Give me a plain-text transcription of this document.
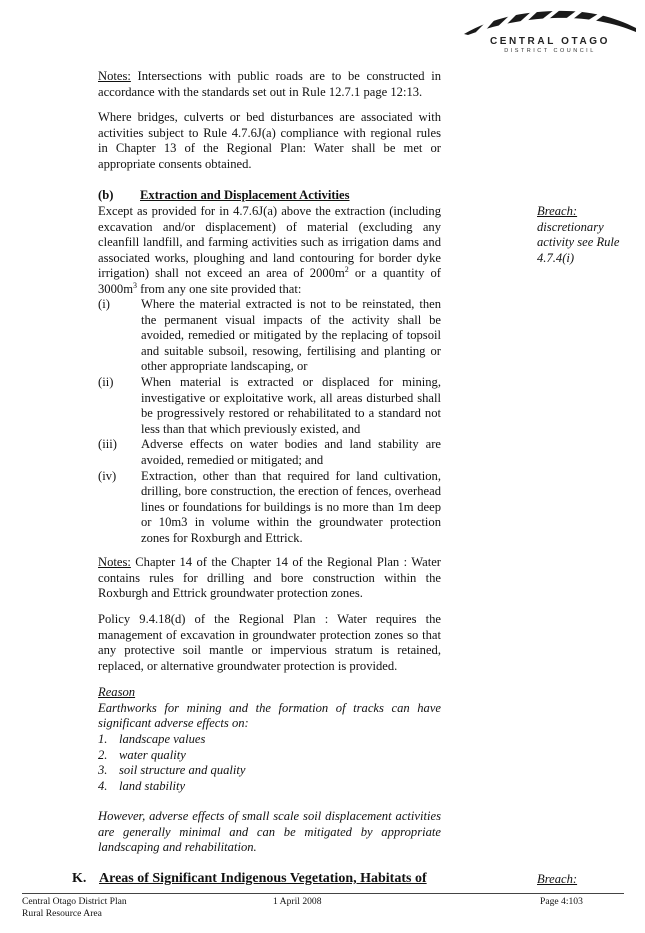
CENTRAL OTAGO
DISTRICT COUNCIL

Notes: Intersections with public roads are to be constructed in accordance with the standards set out in Rule 12.7.1 page 12:13.

Where bridges, culverts or bed disturbances are associated with activities subject to Rule 4.7.6J(a) compliance with regional rules in Chapter 13 of the Regional Plan: Water shall be met or appropriate consents obtained.

(b) Extraction and Displacement Activities

Except as provided for in 4.7.6J(a) above the extraction (including excavation and/or displacement) of material (excluding any cleanfill landfill, and farming activities such as irrigation dams and associated works, ploughing and land contouring for border dyke irrigation) shall not exceed an area of $2000m^2$ or a quantity of $3000m^3$ from any one site provided that:

(i) Where the material extracted is not to be reinstated, then the permanent visual impacts of the activity shall be avoided, remedied or mitigated by the replacing of topsoil and suitable subsoil, resowing, fertilising and planting or other appropriate landscaping, or
(ii) When material is extracted or displaced for mining, investigative or exploitative work, all areas disturbed shall be progressively restored or rehabilitated to a standard not less than that which previously existed, and
(iii) Adverse effects on water bodies and land stability are avoided, remedied or mitigated; and
(iv) Extraction, other than that required for land cultivation, drilling, bore construction, the erection of fences, overhead lines or foundations for buildings is no more than 1m deep or 10m3 in volume within the groundwater protection zones for Roxburgh and Ettrick.

Notes: Chapter 14 of the Chapter 14 of the Regional Plan : Water contains rules for drilling and bore construction within the Roxburgh and Ettrick groundwater protection zones.

Policy 9.4.18(d) of the Regional Plan : Water requires the management of excavation in groundwater protection zones so that any protective soil mantle or impervious stratum is retained, replaced, or alternative groundwater protection is provided.

Reason

Earthworks for mining and the formation of tracks can have significant adverse effects on:

1. landscape values
2. water quality
3. soil structure and quality
4. land stability

However, adverse effects of small scale soil displacement activities are generally minimal and can be mitigated by appropriate landscaping and rehabilitation.

K. Areas of Significant Indigenous Vegetation, Habitats of
Breach:
discretionary activity see Rule 4.7.4(i)
Breach:
Central Otago District Plan
Rural Resource Area
1 April 2008	Page 4:103
